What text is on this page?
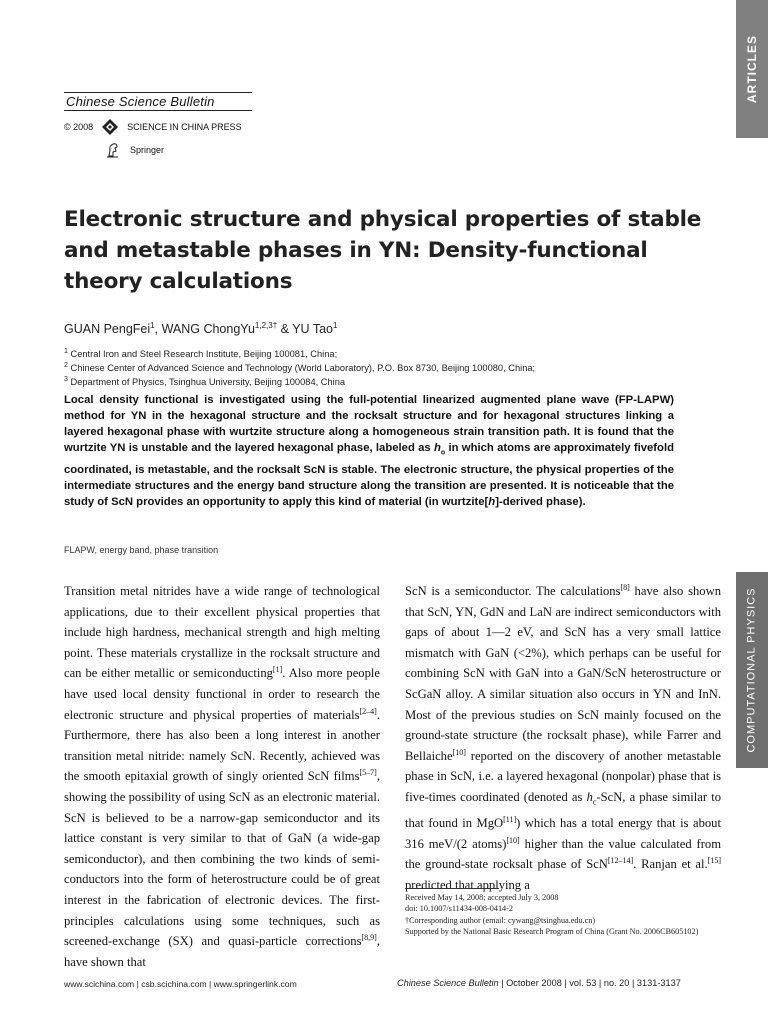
ARTICLES
COMPUTATIONAL PHYSICS
Chinese Science Bulletin
© 2008	SCIENCE IN CHINA PRESS
Springer
Electronic structure and physical properties of stable and metastable phases in YN: Density-functional theory calculations
GUAN PengFei$^1$, WANG ChongYu$^{1,2,3\dagger}$ & YU Tao$^1$
$^1$ Central Iron and Steel Research Institute, Beijing 100081, China;
$^2$ Chinese Center of Advanced Science and Technology (World Laboratory), P.O. Box 8730, Beijing 100080, China;
$^3$ Department of Physics, Tsinghua University, Beijing 100084, China
Local density functional is investigated using the full-potential linearized augmented plane wave (FP-LAPW) method for YN in the hexagonal structure and the rocksalt structure and for hexagonal structures linking a layered hexagonal phase with wurtzite structure along a homogeneous strain transition path. It is found that the wurtzite YN is unstable and the layered hexagonal phase, labeled as $h_o$ in which atoms are approximately fivefold coordinated, is metastable, and the rocksalt ScN is stable. The electronic structure, the physical properties of the intermediate structures and the energy band structure along the transition are presented. It is noticeable that the study of ScN provides an opportunity to apply this kind of material (in wurtzite[h]-derived phase).
FLAPW, energy band, phase transition
Transition metal nitrides have a wide range of technological applications, due to their excellent physical properties that include high hardness, mechanical strength and high melting point. These materials crystallize in the rocksalt structure and can be either metallic or semiconducting[1]. Also more people have used local density functional in order to research the electronic structure and physical properties of materials[2–4]. Furthermore, there has also been a long interest in another transition metal nitride: namely ScN. Recently, achieved was the smooth epitaxial growth of singly oriented ScN films[5–7], showing the possibility of using ScN as an electronic material. ScN is believed to be a narrow-gap semiconductor and its lattice constant is very similar to that of GaN (a wide-gap semiconductor), and then combining the two kinds of semi-conductors into the form of heterostructure could be of great interest in the fabrication of electronic devices. The first-principles calculations using some techniques, such as screened-exchange (SX) and quasi-particle corrections[8,9], have shown that
ScN is a semiconductor. The calculations[8] have also shown that ScN, YN, GdN and LaN are indirect semiconductors with gaps of about 1—2 eV, and ScN has a very small lattice mismatch with GaN (<2%), which perhaps can be useful for combining ScN with GaN into a GaN/ScN heterostructure or ScGaN alloy. A similar situation also occurs in YN and InN. Most of the previous studies on ScN mainly focused on the ground-state structure (the rocksalt phase), while Farrer and Bellaiche[10] reported on the discovery of another metastable phase in ScN, i.e. a layered hexagonal (nonpolar) phase that is five-times coordinated (denoted as $h_c$-ScN, a phase similar to that found in MgO[11]) which has a total energy that is about 316 meV/(2 atoms)[10] higher than the value calculated from the ground-state rocksalt phase of ScN[12–14]. Ranjan et al.[15] predicted that applying a
Received May 14, 2008; accepted July 3, 2008
doi: 10.1007/s11434-008-0414-2
†Corresponding author (email: cywang@tsinghua.edu.cn)
Supported by the National Basic Research Program of China (Grant No. 2006CB605102)
www.scichina.com | csb.scichina.com | www.springerlink.com	Chinese Science Bulletin | October 2008 | vol. 53 | no. 20 | 3131-3137
